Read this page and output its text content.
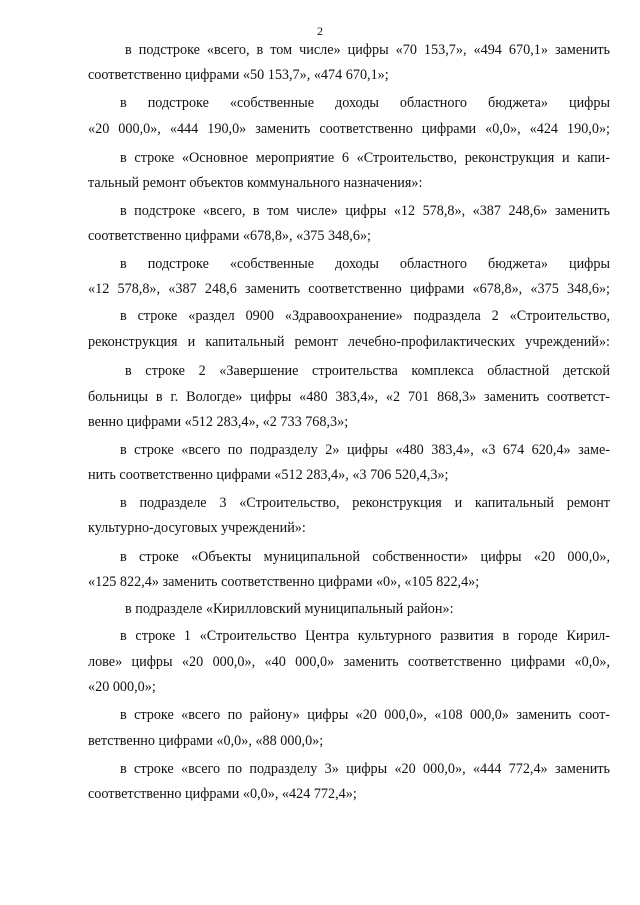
2
в подстроке «всего, в том числе» цифры «70 153,7», «494 670,1» заменить
соответственно цифрами «50 153,7», «474 670,1»;
в подстроке «собственные доходы областного бюджета» цифры
«20 000,0», «444 190,0» заменить соответственно цифрами «0,0», «424 190,0»;
в строке «Основное мероприятие 6 «Строительство, реконструкция и капи-
тальный ремонт объектов коммунального назначения»:
в подстроке «всего, в том числе» цифры «12 578,8», «387 248,6» заменить
соответственно цифрами «678,8», «375 348,6»;
в подстроке «собственные доходы областного бюджета» цифры
«12 578,8», «387 248,6 заменить соответственно цифрами «678,8», «375 348,6»;
в строке «раздел 0900 «Здравоохранение» подраздела 2 «Строительство,
реконструкция и капитальный ремонт лечебно-профилактических учреждений»:
в строке 2 «Завершение строительства комплекса областной детской
больницы в г. Вологде» цифры «480 383,4», «2 701 868,3» заменить соответст-
венно цифрами «512 283,4», «2 733 768,3»;
в строке «всего по подразделу 2» цифры «480 383,4», «3 674 620,4» заме-
нить соответственно цифрами «512 283,4», «3 706 520,4,3»;
в подразделе 3 «Строительство, реконструкция и капитальный ремонт
культурно-досуговых учреждений»:
в строке «Объекты муниципальной собственности» цифры «20 000,0»,
«125 822,4» заменить соответственно цифрами «0», «105 822,4»;
в подразделе «Кирилловский муниципальный район»:
в строке 1 «Строительство Центра культурного развития в городе Кирил-
лове» цифры «20 000,0», «40 000,0» заменить соответственно цифрами «0,0»,
«20 000,0»;
в строке «всего по району» цифры «20 000,0», «108 000,0» заменить соот-
ветственно цифрами «0,0», «88 000,0»;
в строке «всего по подразделу 3» цифры «20 000,0», «444 772,4» заменить
соответственно цифрами «0,0», «424 772,4»;
